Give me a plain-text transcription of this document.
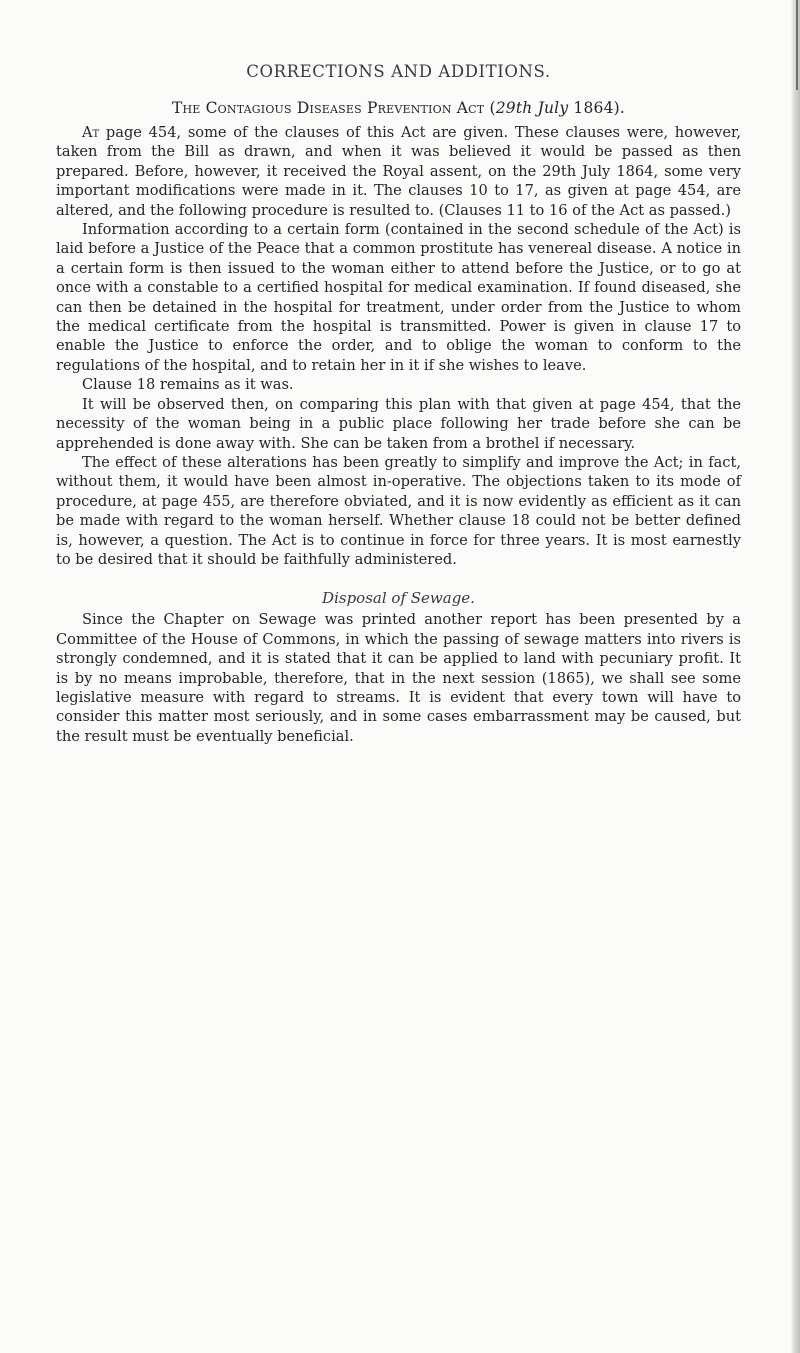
CORRECTIONS AND ADDITIONS.
The Contagious Diseases Prevention Act (29th July 1864).

At page 454, some of the clauses of this Act are given. These clauses were, however, taken from the Bill as drawn, and when it was believed it would be passed as then prepared. Before, however, it received the Royal assent, on the 29th July 1864, some very important modifications were made in it. The clauses 10 to 17, as given at page 454, are altered, and the following procedure is resulted to. (Clauses 11 to 16 of the Act as passed.)

Information according to a certain form (contained in the second schedule of the Act) is laid before a Justice of the Peace that a common prostitute has venereal disease. A notice in a certain form is then issued to the woman either to attend before the Justice, or to go at once with a constable to a certified hospital for medical examination. If found diseased, she can then be detained in the hospital for treatment, under order from the Justice to whom the medical certificate from the hospital is transmitted. Power is given in clause 17 to enable the Justice to enforce the order, and to oblige the woman to conform to the regulations of the hospital, and to retain her in it if she wishes to leave.

Clause 18 remains as it was.

It will be observed then, on comparing this plan with that given at page 454, that the necessity of the woman being in a public place following her trade before she can be apprehended is done away with. She can be taken from a brothel if necessary.

The effect of these alterations has been greatly to simplify and improve the Act; in fact, without them, it would have been almost in-operative. The objections taken to its mode of procedure, at page 455, are therefore obviated, and it is now evidently as efficient as it can be made with regard to the woman herself. Whether clause 18 could not be better defined is, however, a question. The Act is to continue in force for three years. It is most earnestly to be desired that it should be faithfully administered.

Disposal of Sewage.

Since the Chapter on Sewage was printed another report has been presented by a Committee of the House of Commons, in which the passing of sewage matters into rivers is strongly condemned, and it is stated that it can be applied to land with pecuniary profit. It is by no means improbable, therefore, that in the next session (1865), we shall see some legislative measure with regard to streams. It is evident that every town will have to consider this matter most seriously, and in some cases embarrassment may be caused, but the result must be eventually beneficial.
